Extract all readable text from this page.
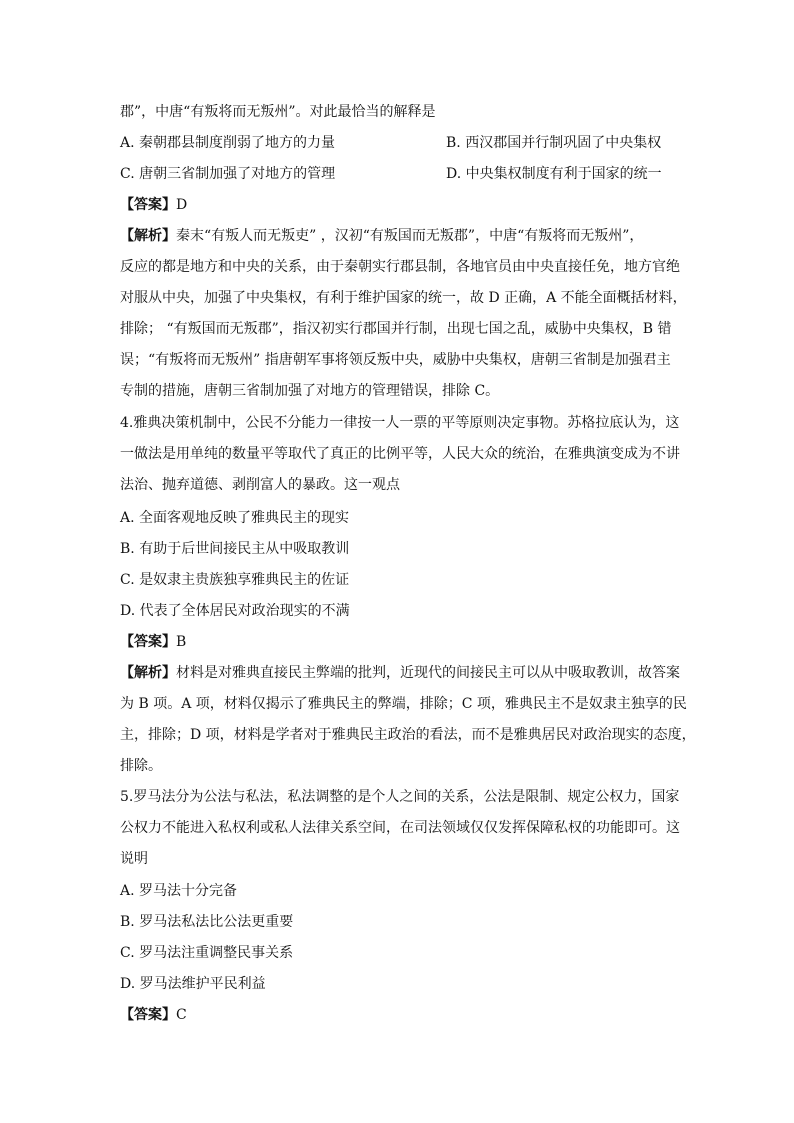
郡”，中唐“有叛将而无叛州”。对此最恰当的解释是
A. 秦朝郡县制度削弱了地方的力量	B. 西汉郡国并行制巩固了中央集权
C. 唐朝三省制加强了对地方的管理	D. 中央集权制度有利于国家的统一
【答案】D
【解析】秦末“有叛人而无叛吏” ，汉初“有叛国而无叛郡”，中唐“有叛将而无叛州”，
反应的都是地方和中央的关系，由于秦朝实行郡县制，各地官员由中央直接任免，地方官绝
对服从中央，加强了中央集权，有利于维护国家的统一，故 D 正确，A 不能全面概括材料，
排除； “有叛国而无叛郡”，指汉初实行郡国并行制，出现七国之乱，威胁中央集权，B 错
误；“有叛将而无叛州” 指唐朝军事将领反叛中央，威胁中央集权，唐朝三省制是加强君主
专制的措施，唐朝三省制加强了对地方的管理错误，排除 C。
4.雅典决策机制中，公民不分能力一律按一人一票的平等原则决定事物。苏格拉底认为，这
一做法是用单纯的数量平等取代了真正的比例平等，人民大众的统治，在雅典演变成为不讲
法治、抛弃道德、剥削富人的暴政。这一观点
A. 全面客观地反映了雅典民主的现实
B. 有助于后世间接民主从中吸取教训
C. 是奴隶主贵族独享雅典民主的佐证
D. 代表了全体居民对政治现实的不满
【答案】B
【解析】材料是对雅典直接民主弊端的批判，近现代的间接民主可以从中吸取教训，故答案
为 B 项。A 项，材料仅揭示了雅典民主的弊端，排除；C 项，雅典民主不是奴隶主独享的民
主，排除；D 项，材料是学者对于雅典民主政治的看法，而不是雅典居民对政治现实的态度，
排除。
5.罗马法分为公法与私法，私法调整的是个人之间的关系，公法是限制、规定公权力，国家
公权力不能进入私权利或私人法律关系空间，在司法领域仅仅发挥保障私权的功能即可。这
说明
A. 罗马法十分完备
B. 罗马法私法比公法更重要
C. 罗马法注重调整民事关系
D. 罗马法维护平民利益
【答案】C
